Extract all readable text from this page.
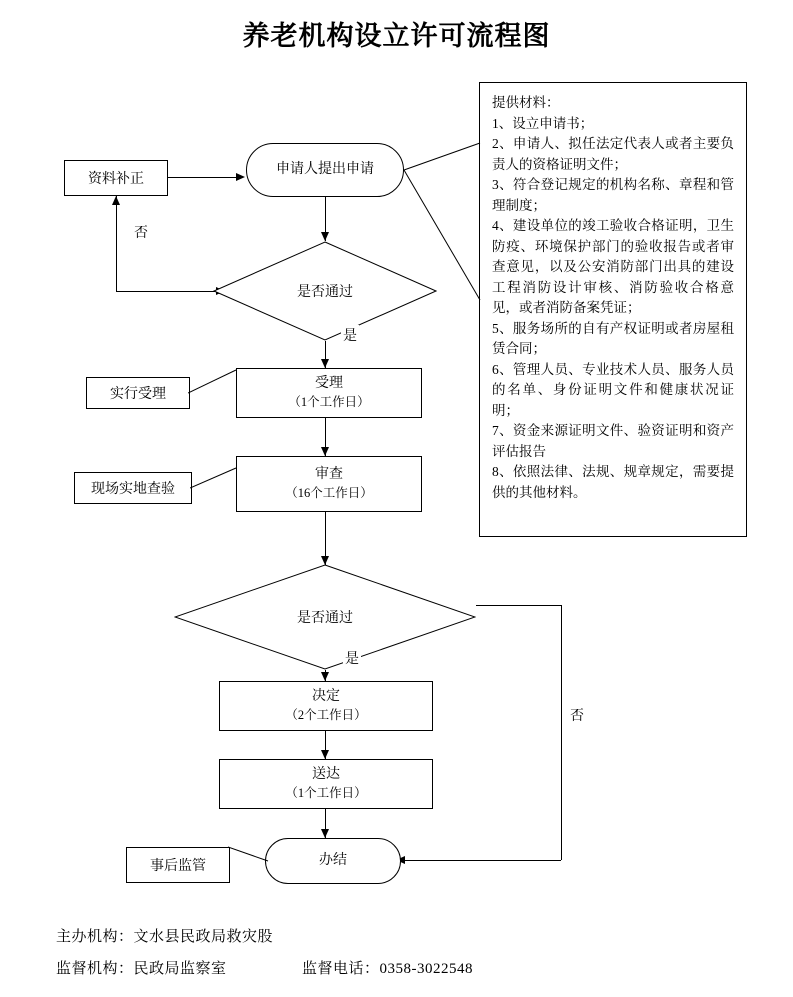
养老机构设立许可流程图
提供材料：
1、设立申请书；
2、申请人、拟任法定代表人或者主要负责人的资格证明文件；
3、符合登记规定的机构名称、章程和管理制度；
4、建设单位的竣工验收合格证明，卫生防疫、环境保护部门的验收报告或者审查意见，以及公安消防部门出具的建设工程消防设计审核、消防验收合格意见，或者消防备案凭证；
5、服务场所的自有产权证明或者房屋租赁合同；
6、管理人员、专业技术人员、服务人员的名单、身份证明文件和健康状况证明；
7、资金来源证明文件、验资证明和资产评估报告
8、依照法律、法规、规章规定，需要提供的其他材料。
申请人提出申请
资料补正
否
是否通过
是
受理
（1个工作日）
实行受理
审查
（16个工作日）
现场实地查验
是否通过
是
否
决定
（2个工作日）
送达
（1个工作日）
办结
事后监管
主办机构：文水县民政局救灾股
监督机构：民政局监察室	监督电话：0358-3022548
